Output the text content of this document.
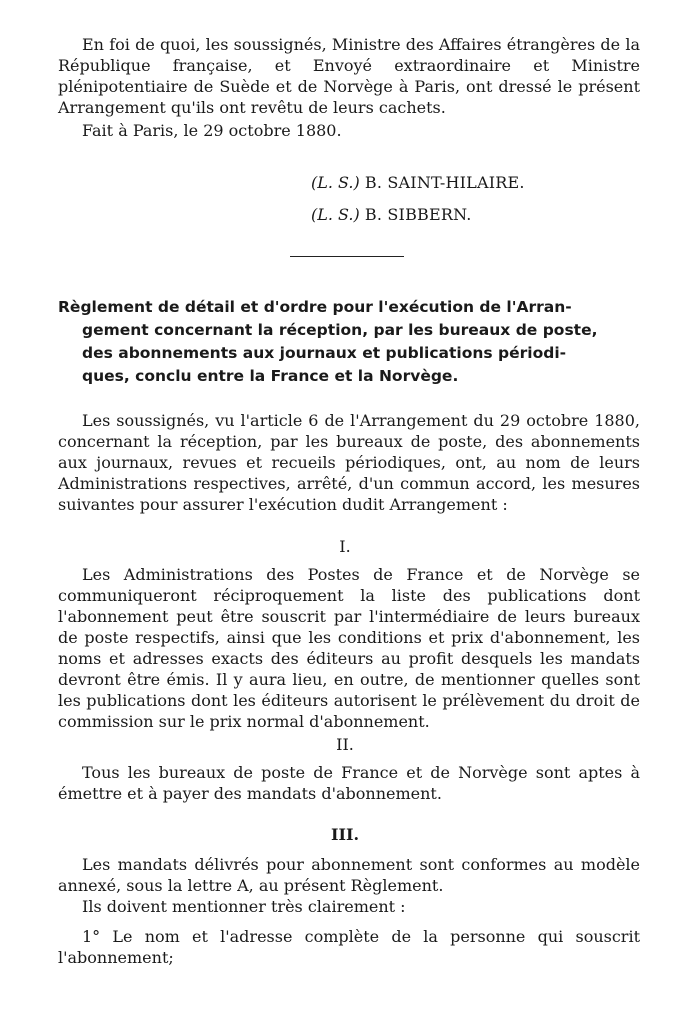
En foi de quoi, les soussignés, Ministre des Affaires étrangères de la République française, et Envoyé extraordinaire et Ministre plénipotentiaire de Suède et de Norvège à Paris, ont dressé le présent Arrangement qu'ils ont revêtu de leurs cachets.

Fait à Paris, le 29 octobre 1880.

(L. S.) B. SAINT-HILAIRE.
(L. S.) B. SIBBERN.
Règlement de détail et d'ordre pour l'exécution de l'Arran-
gement concernant la réception, par les bureaux de poste,
des abonnements aux journaux et publications périodi-
ques, conclu entre la France et la Norvège.

Les soussignés, vu l'article 6 de l'Arrangement du 29 octobre 1880, concernant la réception, par les bureaux de poste, des abonnements aux journaux, revues et recueils périodiques, ont, au nom de leurs Administrations respectives, arrêté, d'un commun accord, les mesures suivantes pour assurer l'exécution dudit Arrangement :

I.

Les Administrations des Postes de France et de Norvège se communiqueront réciproquement la liste des publications dont l'abonnement peut être souscrit par l'intermédiaire de leurs bureaux de poste respectifs, ainsi que les conditions et prix d'abonnement, les noms et adresses exacts des éditeurs au profit desquels les mandats devront être émis. Il y aura lieu, en outre, de mentionner quelles sont les publications dont les éditeurs autorisent le prélèvement du droit de commission sur le prix normal d'abonnement.

II.

Tous les bureaux de poste de France et de Norvège sont aptes à émettre et à payer des mandats d'abonnement.

III.

Les mandats délivrés pour abonnement sont conformes au modèle annexé, sous la lettre A, au présent Règlement.

Ils doivent mentionner très clairement :

1° Le nom et l'adresse complète de la personne qui souscrit l'abonnement;
